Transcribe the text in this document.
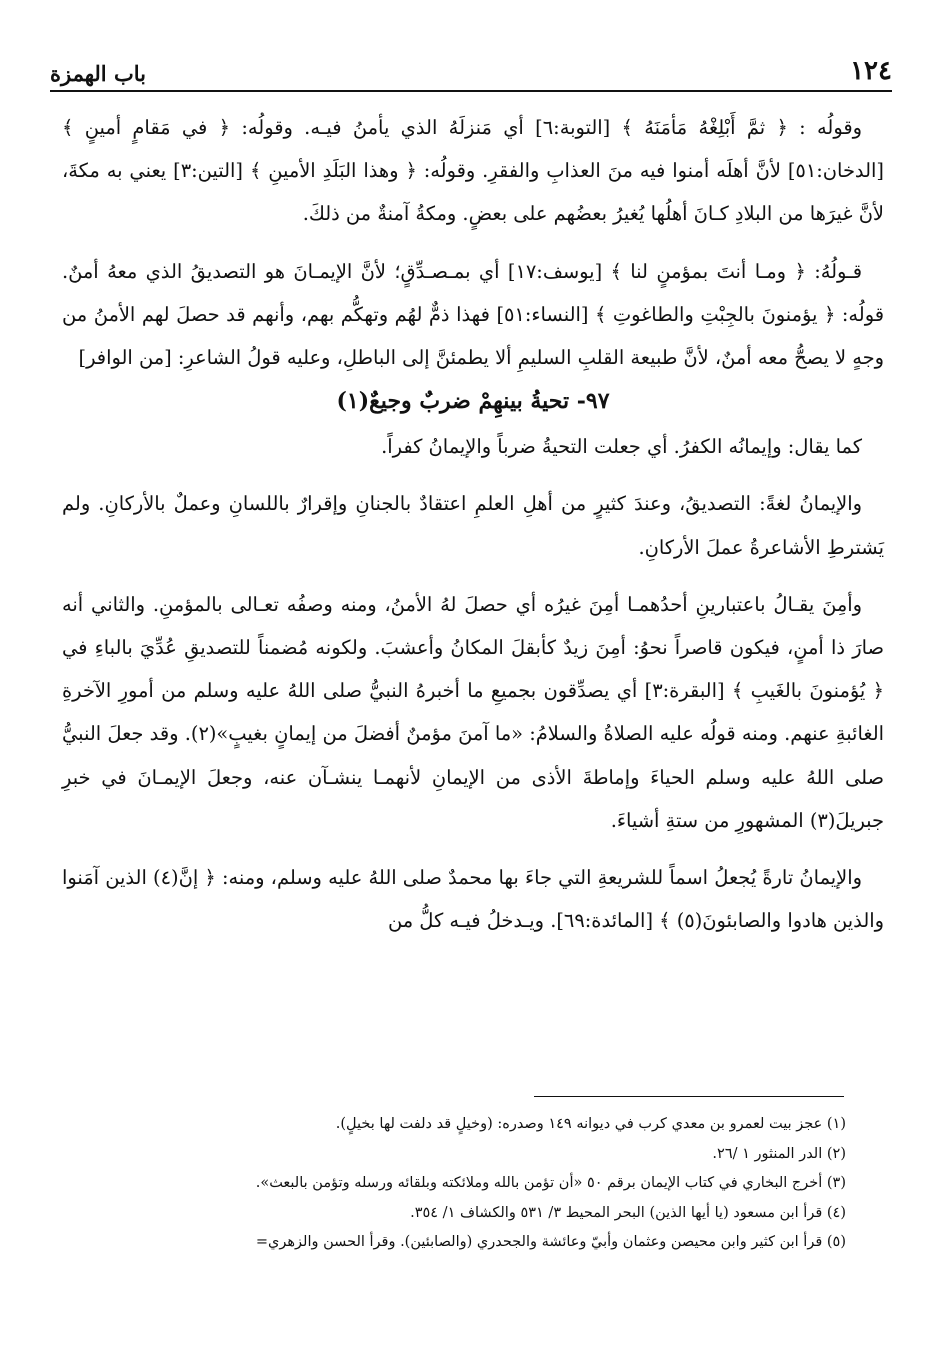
١٢٤
باب الهمزة

وقولُه : ﴿ ثمَّ أَبْلِغْهُ مَأمَنَهُ ﴾ [التوبة:٦] أي مَنزلَهُ الذي يأمنُ فيـه. وقولُه: ﴿ في مَقامٍ أمينٍ ﴾ [الدخان:٥١] لأنَّ أهلَه أمنوا فيه منَ العذابِ والفقرِ. وقولُه: ﴿ وهذا البَلَدِ الأمينِ ﴾ [التين:٣] يعني به مكةَ، لأنَّ غيرَها من البلادِ كـانَ أهلُها يُغيرُ بعضُهم على بعضٍ. ومكةُ آمنةٌ من ذلكَ.

قـولُهُ: ﴿ ومـا أنتَ بمؤمنٍ لنا ﴾ [يوسف:١٧] أي بمـصـدِّقٍ؛ لأنَّ الإيمـانَ هو التصديقُ الذي معهُ أمنٌ. قولُه: ﴿ يؤمنونَ بالجِبْتِ والطاغوتِ ﴾ [النساء:٥١] فهذا ذمٌّ لهُم وتهكُّم بهم، وأنهم قد حصلَ لهم الأمنُ من وجهٍ لا يصحُّ معه أمنٌ، لأنَّ طبيعة القلبِ السليمِ ألا يطمئنَّ إلى الباطلِ، وعليه قولُ الشاعرِ: [من الوافر]

٩٧- تحيةُ بينهِمْ ضربٌ وجيعٌ(١)

كما يقال: وإيمانُه الكفرُ. أي جعلت التحيةُ ضرباً والإيمانُ كفراً.

والإيمانُ لغةً: التصديقُ، وعندَ كثيرٍ من أهلِ العلمِ اعتقادٌ بالجنانِ وإقرارٌ باللسانِ وعملٌ بالأركانِ. ولم يَشترطِ الأشاعرةُ عملَ الأركانِ.

وأمِنَ يقـالُ باعتبارينِ أحدُهمـا أمِنَ غيرُه أي حصلَ لهُ الأمنُ، ومنه وصفُه تعـالى بالمؤمنِ. والثاني أنه صارَ ذا أمنٍ، فيكون قاصراً نحوُ: أمِنَ زيدٌ كأبقلَ المكانُ وأعشبَ. ولكونه مُضمناً للتصديقِ عُدِّيَ بالباءِ في ﴿ يُؤمنونَ بالغَيبِ ﴾ [البقرة:٣] أي يصدِّقون بجميعِ ما أخبرهُ النبيُّ صلى اللهُ عليه وسلم من أمورِ الآخرةِ الغائبةِ عنهم. ومنه قولُه عليه الصلاةُ والسلامُ: «ما آمنَ مؤمنٌ أفضلَ من إيمانٍ بغيبٍ»(٢). وقد جعلَ النبيُّ صلى اللهُ عليه وسلم الحياءَ وإماطةَ الأذى من الإيمانِ لأنهمـا ينشـآن عنه، وجعلَ الإيمـانَ في خبرِ جبريلَ(٣) المشهورِ من ستةِ أشياءَ.

والإيمانُ تارةً يُجعلُ اسماً للشريعةِ التي جاءَ بها محمدٌ صلى اللهُ عليه وسلم، ومنه: ﴿ إنَّ(٤) الذين آمَنوا والذين هادوا والصابئونَ(٥) ﴾ [المائدة:٦٩]. ويـدخلُ فيـه كلُّ من

(١) عجز بيت لعمرو بن معدي كرب في ديوانه ١٤٩ وصدره: (وخيلٍ قد دلفت لها بخيلٍ).
(٢) الدر المنثور ١ /٢٦.
(٣) أخرج البخاري في كتاب الإيمان برقم ٥٠ «أن تؤمن بالله وملائكته وبلقائه ورسله وتؤمن بالبعث».
(٤) قرأ ابن مسعود (يا أيها الذين) البحر المحيط ٣/ ٥٣١ والكشاف ١/ ٣٥٤.
(٥) قرأ ابن كثير وابن محيصن وعثمان وأبيّ وعائشة والجحدري (والصابئين). وقرأ الحسن والزهري=
